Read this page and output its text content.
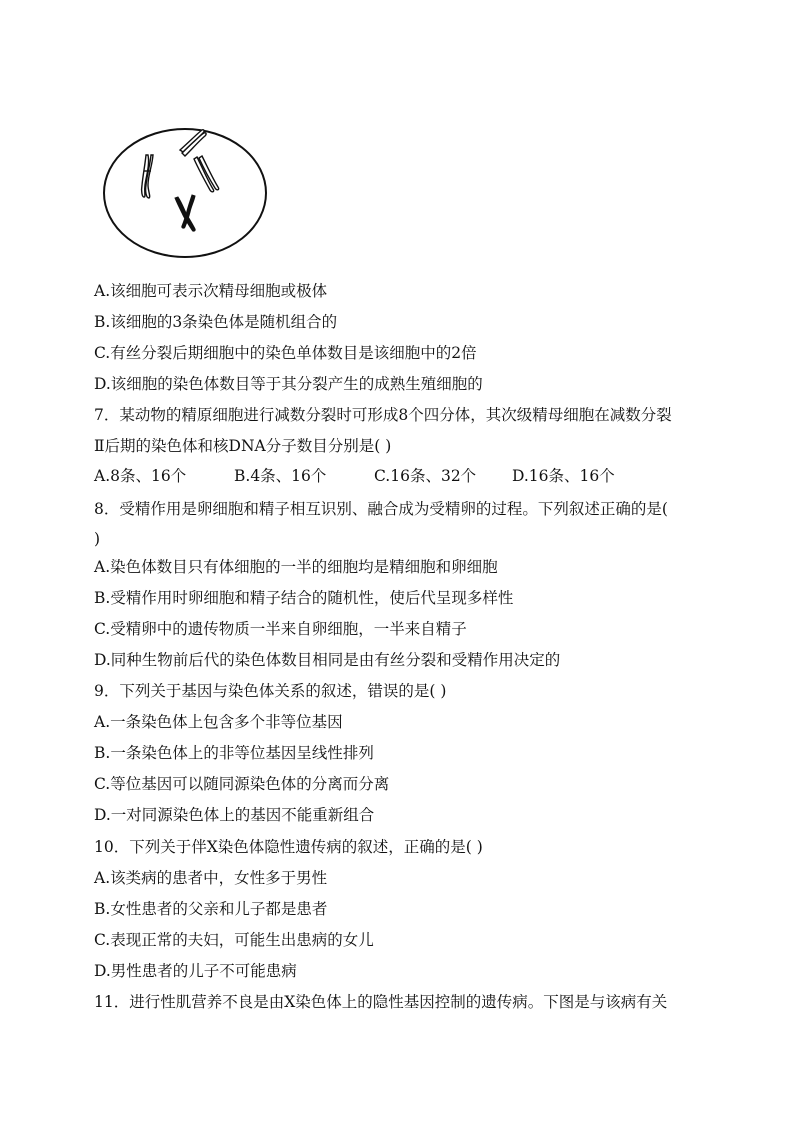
A.该细胞可表示次精母细胞或极体
B.该细胞的3条染色体是随机组合的
C.有丝分裂后期细胞中的染色单体数目是该细胞中的2倍
D.该细胞的染色体数目等于其分裂产生的成熟生殖细胞的
7．某动物的精原细胞进行减数分裂时可形成8个四分体，其次级精母细胞在减数分裂
Ⅱ后期的染色体和核DNA分子数目分别是( )
A.8条、16个	B.4条、16个	C.16条、32个 D.16条、16个
8．受精作用是卵细胞和精子相互识别、融合成为受精卵的过程。下列叙述正确的是(
)
A.染色体数目只有体细胞的一半的细胞均是精细胞和卵细胞
B.受精作用时卵细胞和精子结合的随机性，使后代呈现多样性
C.受精卵中的遗传物质一半来自卵细胞，一半来自精子
D.同种生物前后代的染色体数目相同是由有丝分裂和受精作用决定的
9．下列关于基因与染色体关系的叙述，错误的是( )
A.一条染色体上包含多个非等位基因
B.一条染色体上的非等位基因呈线性排列
C.等位基因可以随同源染色体的分离而分离
D.一对同源染色体上的基因不能重新组合
10．下列关于伴X染色体隐性遗传病的叙述，正确的是( )
A.该类病的患者中，女性多于男性
B.女性患者的父亲和儿子都是患者
C.表现正常的夫妇，可能生出患病的女儿
D.男性患者的儿子不可能患病
11．进行性肌营养不良是由X染色体上的隐性基因控制的遗传病。下图是与该病有关
